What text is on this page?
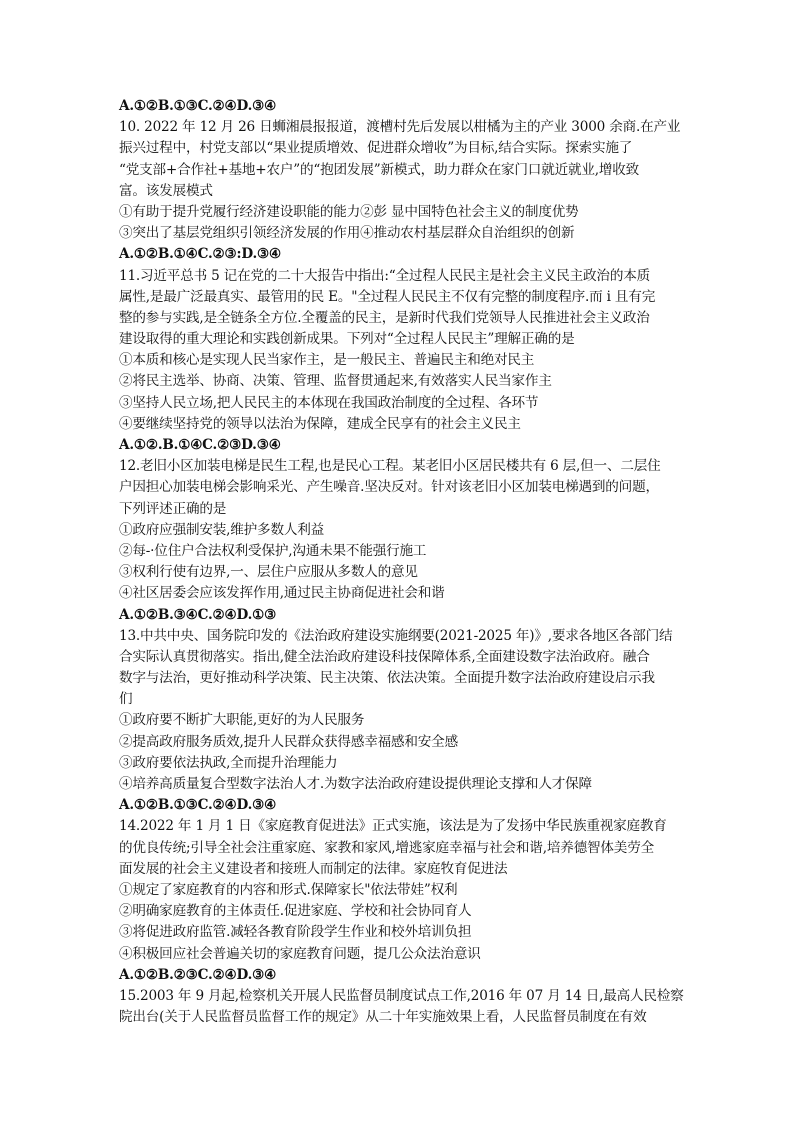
A.①②B.①③C.②④D.③④
10. 2022 年 12 月 26 日蛳湘晨报报道，渡槽村先后发展以柑橘为主的产业 3000 余商.在产业
振兴过程中，村党支部以“果业提质增效、促进群众增收”为目标,结合实际。探索实施了
“党支部+合作社+基地+农户”的“抱团发展”新模式，助力群众在家门口就近就业,增收致
富。该发展模式
①有助于提升党履行经济建设职能的能力②彭 显中国特色社会主义的制度优势
③突出了基层党组织引领经济发展的作用④推动农村基层群众自治组织的创新
A.①②B.①④C.②③:D.③④
11.习近平总书 5 记在党的二十大报告中指出:“全过程人民民主是社会主义民主政治的本质
属性,是最广泛最真实、最管用的民 E。"全过程人民民主不仅有完整的制度程序.而 i 且有完
整的参与实践,是全链条全方位.全覆盖的民主，是新时代我们党领导人民推进社会主义政治
建设取得的重大理论和实践创新成果。下列对“全过程人民民主”理解正确的是
①本质和核心是实现人民当家作主，是一般民主、普遍民主和绝对民主
②将民主选举、协商、决策、管理、监督贯通起来,有效落实人民当家作主
③坚持人民立场,把人民民主的本体现在我国政治制度的全过程、各环节
④要继续坚持党的领导以法治为保障，建成全民享有的社会主义民主
A.①②.B.①④C.②③D.③④
12.老旧小区加装电梯是民生工程,也是民心工程。某老旧小区居民楼共有 6 层,但一、二层住
户因担心加装电梯会影响采光、产生噪音.坚决反对。针对该老旧小区加装电梯遇到的问题，
下列评述正确的是
①政府应强制安装,维护多数人利益
②每-·位住户合法权利受保护,沟通未果不能强行施工
③权利行使有边界,一、层住户应服从多数人的意见
④社区居委会应该发挥作用,通过民主协商促进社会和谐
A.①②B.③④C.②④D.①③
13.中共中央、国务院印发的《法治政府建设实施纲要(2021-2025 年)》,要求各地区各部门结
合实际认真贯彻落实。指出,健全法治政府建设科技保障体系,全面建设数字法治政府。融合
数字与法治，更好推动科学决策、民主决策、依法决策。全面提升数字法治政府建设启示我
们
①政府要不断扩大职能,更好的为人民服务
②提高政府服务质效,提升人民群众获得感幸福感和安全感
③政府要依法执政,全而提升治理能力
④培养高质量复合型数字法治人才.为数字法治政府建设提供理论支撑和人才保障
A.①②B.①③C.②④D.③④
14.2022 年 1 月 1 日《家庭教育促进法》正式实施，该法是为了发扬中华民族重视家庭教育
的优良传统;引导全社会注重家庭、家教和家风,增逃家庭幸福与社会和谐,培养德智体美劳全
面发展的社会主义建设者和接班人而制定的法律。家庭牧育促进法
①规定了家庭教育的内容和形式.保障家长"依法带娃”权利
②明确家庭教育的主体责任.促进家庭、学校和社会协同育人
③将促进政府监管.减轻各教育阶段学生作业和校外培训负担
④积极回应社会普遍关切的家庭教育问题，提几公众法治意识
A.①②B.②③C.②④D.③④
15.2003 年 9 月起,检察机关开展人民监督员制度试点工作,2016 年 07 月 14 日,最高人民检察
院出台(关于人民监督员监督工作的规定》从二十年实施效果上看，人民监督员制度在有效
